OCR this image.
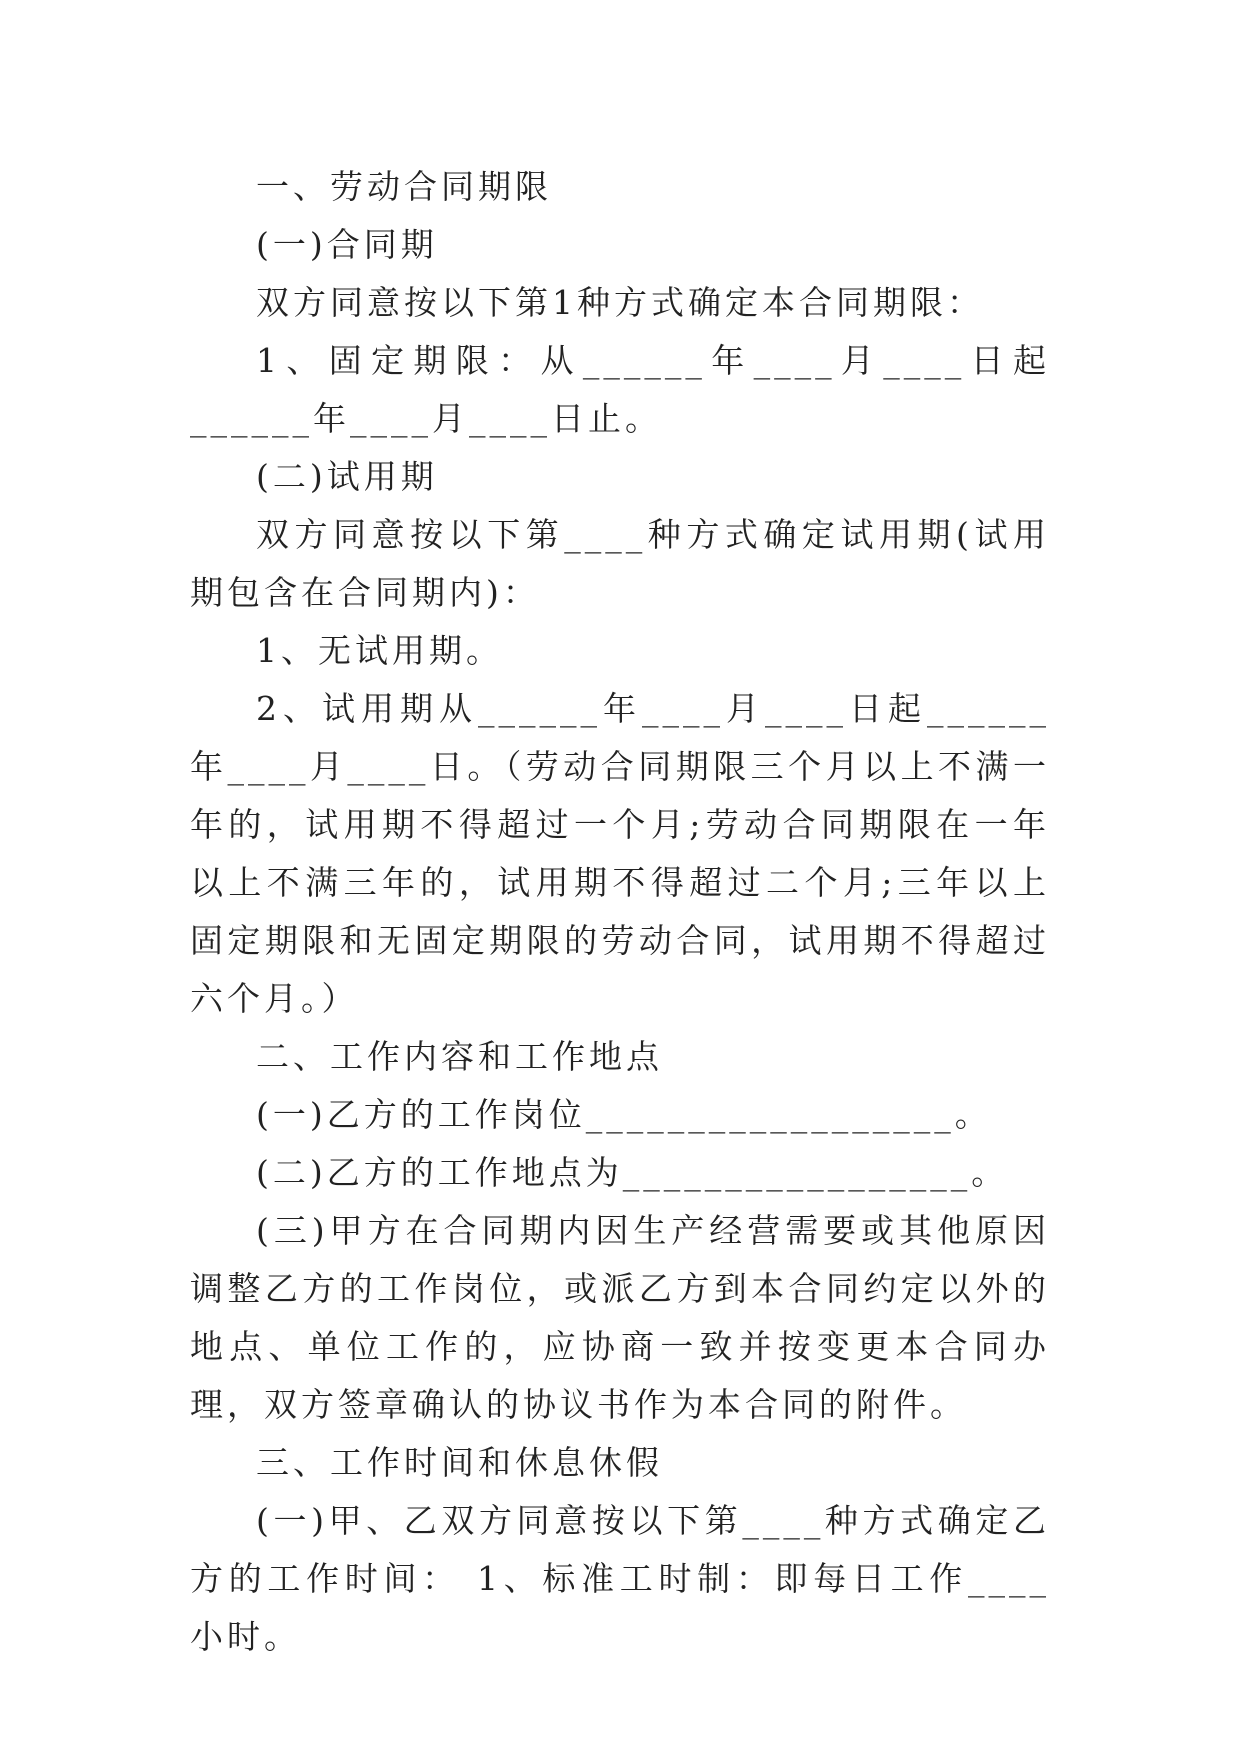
一、劳动合同期限

(一)合同期

双方同意按以下第1种方式确定本合同期限：

1、固定期限：从______年____月____日起______年____月____日止。

(二)试用期

双方同意按以下第____种方式确定试用期(试用期包含在合同期内)：

1、无试用期。

2、试用期从______年____月____日起______年____月____日。（劳动合同期限三个月以上不满一年的，试用期不得超过一个月;劳动合同期限在一年以上不满三年的，试用期不得超过二个月;三年以上固定期限和无固定期限的劳动合同，试用期不得超过六个月。）

二、工作内容和工作地点

(一)乙方的工作岗位__________________。

(二)乙方的工作地点为_________________。

(三)甲方在合同期内因生产经营需要或其他原因调整乙方的工作岗位，或派乙方到本合同约定以外的地点、单位工作的，应协商一致并按变更本合同办理，双方签章确认的协议书作为本合同的附件。

三、工作时间和休息休假

(一)甲、乙双方同意按以下第____种方式确定乙方的工作时间： 1、标准工时制：即每日工作____小时。
